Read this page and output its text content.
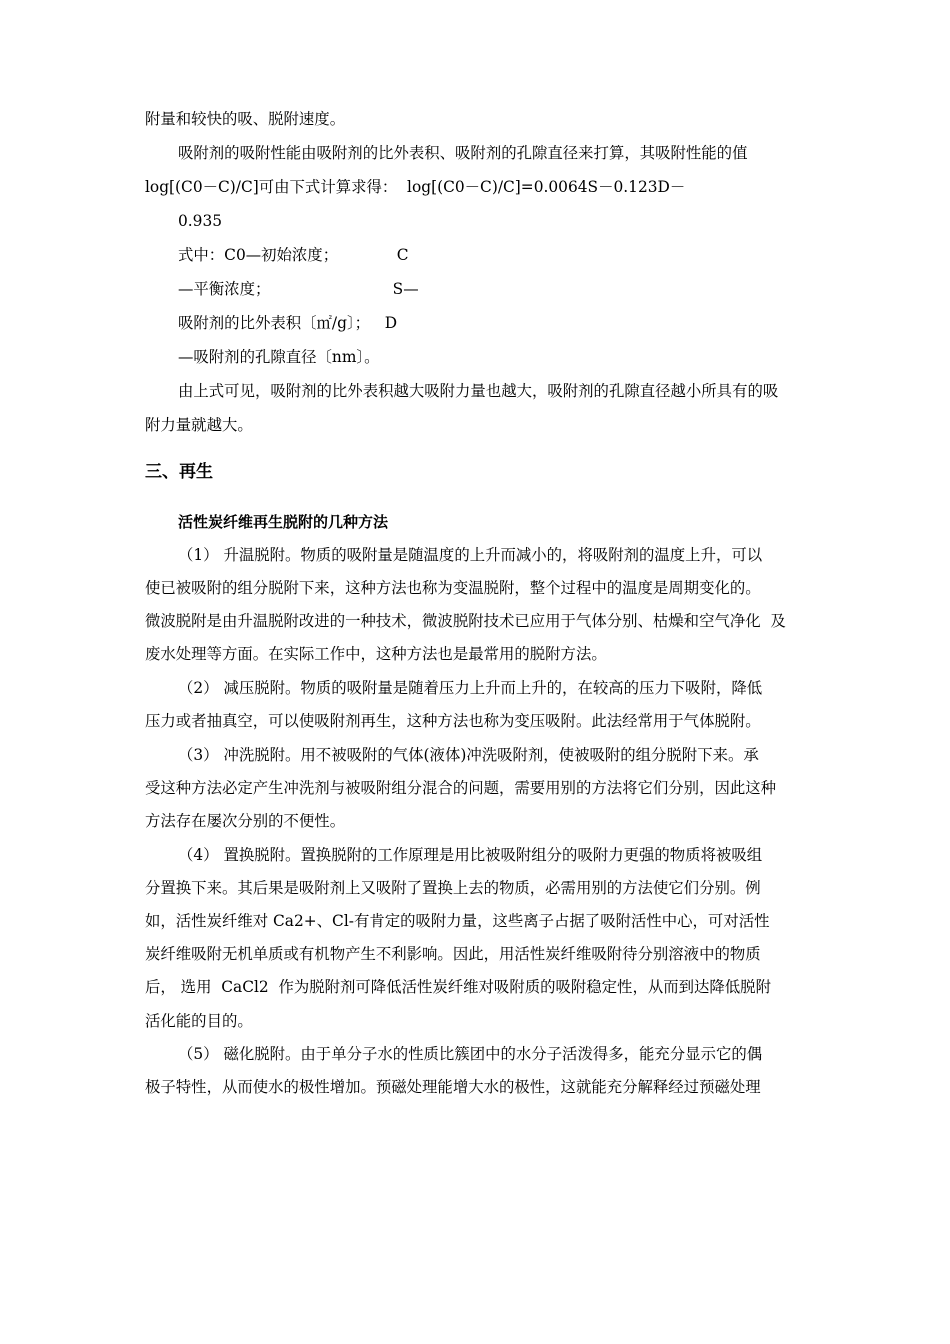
附量和较快的吸、脱附速度。
吸附剂的吸附性能由吸附剂的比外表积、吸附剂的孔隙直径来打算，其吸附性能的值
log[(C0－C)/C]可由下式计算求得：  log[(C0－C)/C]=0.0064S－0.123D－
0.935
式中：C0—初始浓度；            C
—平衡浓度；                         S—
吸附剂的比外表积〔㎡/g〕；   D
—吸附剂的孔隙直径〔nm〕。
由上式可见，吸附剂的比外表积越大吸附力量也越大，吸附剂的孔隙直径越小所具有的吸
附力量就越大。
三、再生
活性炭纤维再生脱附的几种方法
（1） 升温脱附。物质的吸附量是随温度的上升而减小的，将吸附剂的温度上升，可以
使已被吸附的组分脱附下来，这种方法也称为变温脱附，整个过程中的温度是周期变化的。
微波脱附是由升温脱附改进的一种技术，微波脱附技术已应用于气体分别、枯燥和空气净化  及
废水处理等方面。在实际工作中，这种方法也是最常用的脱附方法。
（2） 减压脱附。物质的吸附量是随着压力上升而上升的，在较高的压力下吸附，降低
压力或者抽真空，可以使吸附剂再生，这种方法也称为变压吸附。此法经常用于气体脱附。
（3） 冲洗脱附。用不被吸附的气体(液体)冲洗吸附剂，使被吸附的组分脱附下来。承
受这种方法必定产生冲洗剂与被吸附组分混合的问题，需要用别的方法将它们分别，因此这种
方法存在屡次分别的不便性。
（4） 置换脱附。置换脱附的工作原理是用比被吸附组分的吸附力更强的物质将被吸组
分置换下来。其后果是吸附剂上又吸附了置换上去的物质，必需用别的方法使它们分别。例
如，活性炭纤维对 Ca2+、Cl-有肯定的吸附力量，这些离子占据了吸附活性中心，可对活性
炭纤维吸附无机单质或有机物产生不利影响。因此，用活性炭纤维吸附待分别溶液中的物质
后， 选用  CaCl2  作为脱附剂可降低活性炭纤维对吸附质的吸附稳定性，从而到达降低脱附
活化能的目的。
（5） 磁化脱附。由于单分子水的性质比簇团中的水分子活泼得多，能充分显示它的偶
极子特性，从而使水的极性增加。预磁处理能增大水的极性，这就能充分解释经过预磁处理
